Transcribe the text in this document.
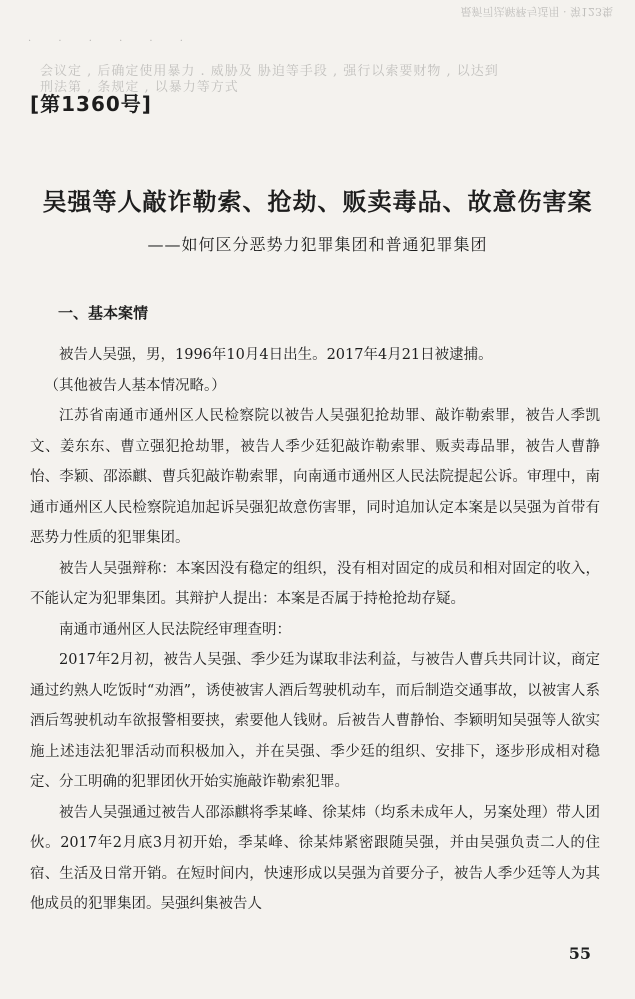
最新司法解释与适用 · 第123集
· · · · · ·
会议定 , 后确定使用暴力 . 威胁及 胁迫等手段 , 强行以索要财物 , 以达到
刑法第 , 条规定 , 以暴力等方式
[第1360号]
吴强等人敲诈勒索、抢劫、贩卖毒品、故意伤害案
——如何区分恶势力犯罪集团和普通犯罪集团
一、基本案情

被告人吴强，男，1996年10月4日出生。2017年4月21日被逮捕。

（其他被告人基本情况略。）

江苏省南通市通州区人民检察院以被告人吴强犯抢劫罪、敲诈勒索罪，被告人季凯文、姜东东、曹立强犯抢劫罪，被告人季少廷犯敲诈勒索罪、贩卖毒品罪，被告人曹静怡、李颖、邵添麒、曹兵犯敲诈勒索罪，向南通市通州区人民法院提起公诉。审理中，南通市通州区人民检察院追加起诉吴强犯故意伤害罪，同时追加认定本案是以吴强为首带有恶势力性质的犯罪集团。

被告人吴强辩称：本案因没有稳定的组织，没有相对固定的成员和相对固定的收入，不能认定为犯罪集团。其辩护人提出：本案是否属于持枪抢劫存疑。

南通市通州区人民法院经审理查明：

2017年2月初，被告人吴强、季少廷为谋取非法利益，与被告人曹兵共同计议，商定通过约熟人吃饭时“劝酒”，诱使被害人酒后驾驶机动车，而后制造交通事故，以被害人系酒后驾驶机动车欲报警相要挟，索要他人钱财。后被告人曹静怡、李颖明知吴强等人欲实施上述违法犯罪活动而积极加入，并在吴强、季少廷的组织、安排下，逐步形成相对稳定、分工明确的犯罪团伙开始实施敲诈勒索犯罪。

被告人吴强通过被告人邵添麒将季某峰、徐某炜（均系未成年人，另案处理）带人团伙。2017年2月底3月初开始，季某峰、徐某炜紧密跟随吴强，并由吴强负责二人的住宿、生活及日常开销。在短时间内，快速形成以吴强为首要分子，被告人季少廷等人为其他成员的犯罪集团。吴强纠集被告人

55
